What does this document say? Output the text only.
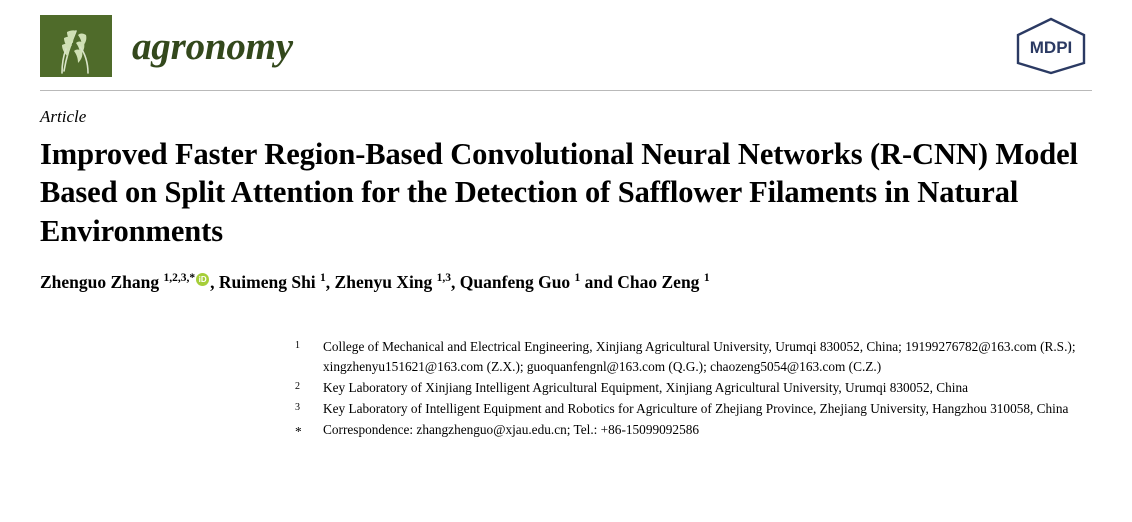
agronomy	MDPI
Article
Improved Faster Region-Based Convolutional Neural Networks (R-CNN) Model Based on Split Attention for the Detection of Safflower Filaments in Natural Environments
Zhenguo Zhang $^{1,2,3,*}$ iD , Ruimeng Shi $^1$, Zhenyu Xing $^{1,3}$, Quanfeng Guo $^1$ and Chao Zeng $^1$
1	College of Mechanical and Electrical Engineering, Xinjiang Agricultural University, Urumqi 830052, China; 19199276782@163.com (R.S.); xingzhenyu151621@163.com (Z.X.); guoquanfengnl@163.com (Q.G.); chaozeng5054@163.com (C.Z.)
2	Key Laboratory of Xinjiang Intelligent Agricultural Equipment, Xinjiang Agricultural University, Urumqi 830052, China
3	Key Laboratory of Intelligent Equipment and Robotics for Agriculture of Zhejiang Province, Zhejiang University, Hangzhou 310058, China
*	Correspondence: zhangzhenguo@xjau.edu.cn; Tel.: +86-15099092586
